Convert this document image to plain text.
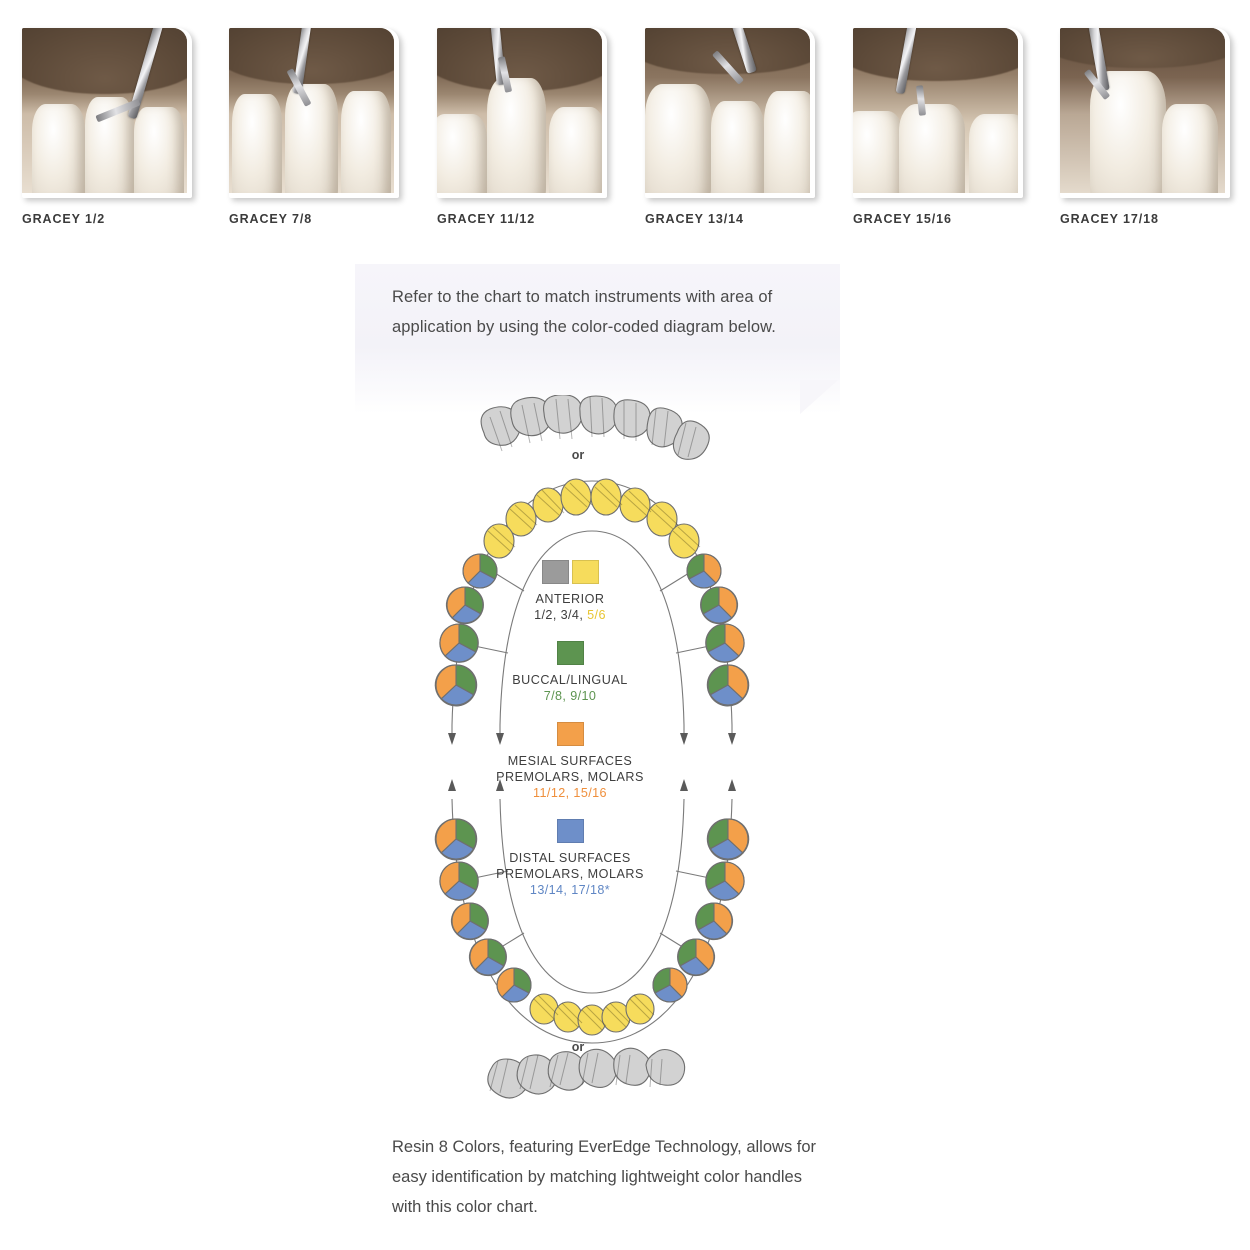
GRACEY 1/2	GRACEY 7/8	GRACEY 11/12	GRACEY 13/14	GRACEY 15/16	GRACEY 17/18
Refer to the chart to match instruments with area of application by using the color-coded diagram below.
or
or
ANTERIOR
1/2, 3/4, 5/6
BUCCAL/LINGUAL
7/8, 9/10
MESIAL SURFACES
PREMOLARS, MOLARS
11/12, 15/16
DISTAL SURFACES
PREMOLARS, MOLARS
13/14, 17/18*
Resin 8 Colors, featuring EverEdge Technology, allows for easy identification by matching lightweight color handles with this color chart.
